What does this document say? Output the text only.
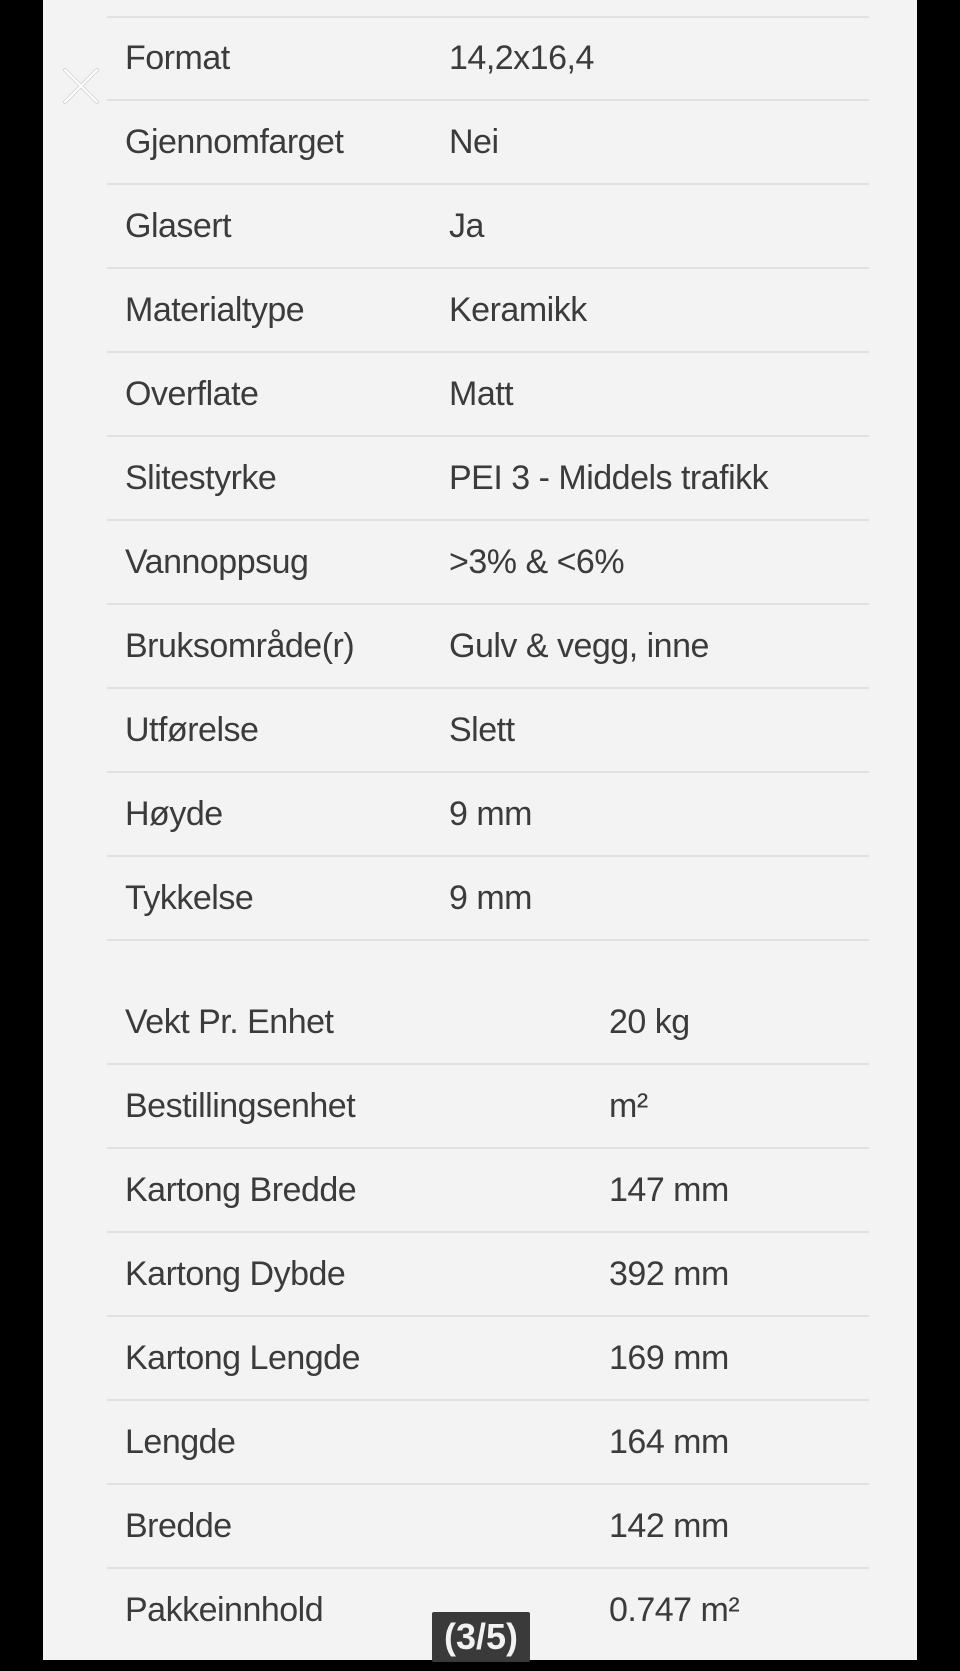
Format	14,2x16,4
Gjennomfarget	Nei
Glasert	Ja
Materialtype	Keramikk
Overflate	Matt
Slitestyrke	PEI 3 - Middels trafikk
Vannoppsug	>3% & <6%
Bruksområde(r)	Gulv & vegg, inne
Utførelse	Slett
Høyde	9 mm
Tykkelse	9 mm
Vekt Pr. Enhet	20 kg
Bestillingsenhet	m²
Kartong Bredde	147 mm
Kartong Dybde	392 mm
Kartong Lengde	169 mm
Lengde	164 mm
Bredde	142 mm
Pakkeinnhold	0.747 m²
(3/5)
